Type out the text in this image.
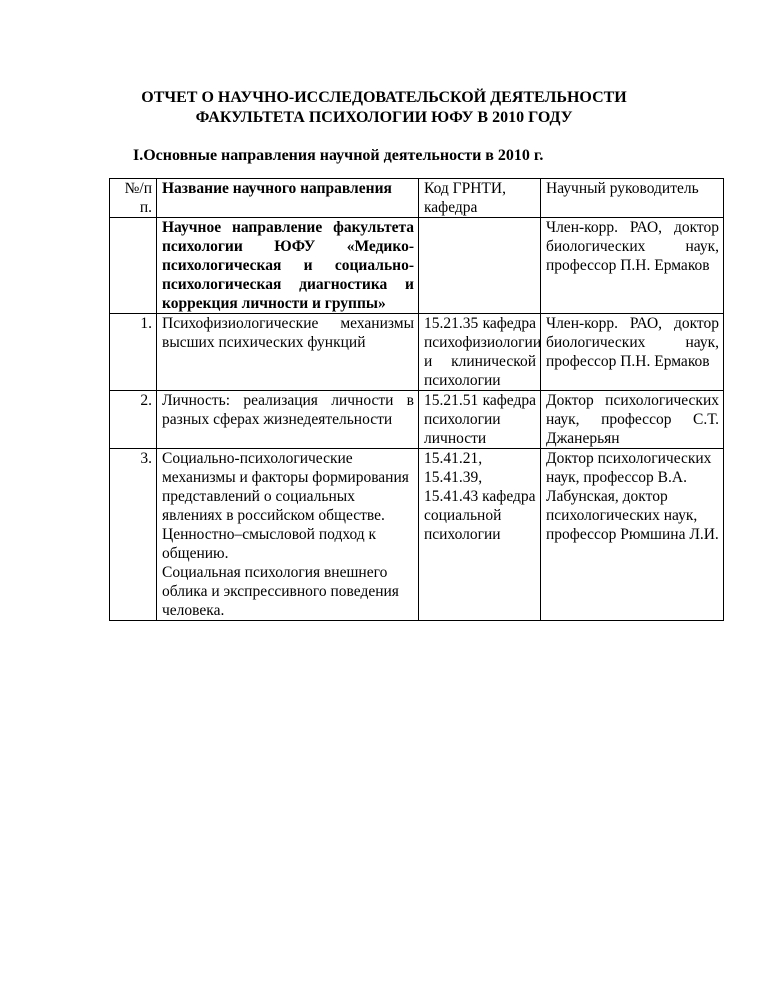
ОТЧЕТ О НАУЧНО-ИССЛЕДОВАТЕЛЬСКОЙ ДЕЯТЕЛЬНОСТИ
ФАКУЛЬТЕТА ПСИХОЛОГИИ ЮФУ В 2010 ГОДУ
I.Основные направления научной деятельности в 2010 г.
№/п п.	Название научного направления	Код ГРНТИ, кафедра	Научный руководитель
	Научное направление факультета психологии ЮФУ «Медико-психологическая и социально-психологическая диагностика и коррекция личности и группы»		Член-корр. РАО, доктор биологических наук, профессор П.Н. Ермаков
1.	Психофизиологические механизмы высших психических функций	15.21.35 кафедра психофизиологии и клинической психологии	Член-корр. РАО, доктор биологических наук, профессор П.Н. Ермаков
2.	Личность: реализация личности в разных сферах жизнедеятельности	15.21.51 кафедра психологии личности	Доктор психологических наук, профессор С.Т. Джанерьян
3.	Социально-психологические механизмы и факторы формирования представлений о социальных явлениях в российском обществе.
Ценностно–смысловой подход к общению.
Социальная психология внешнего облика и экспрессивного поведения человека.	15.41.21, 15.41.39, 15.41.43 кафедра социальной психологии	Доктор психологических наук, профессор В.А. Лабунская, доктор психологических наук, профессор Рюмшина Л.И.
